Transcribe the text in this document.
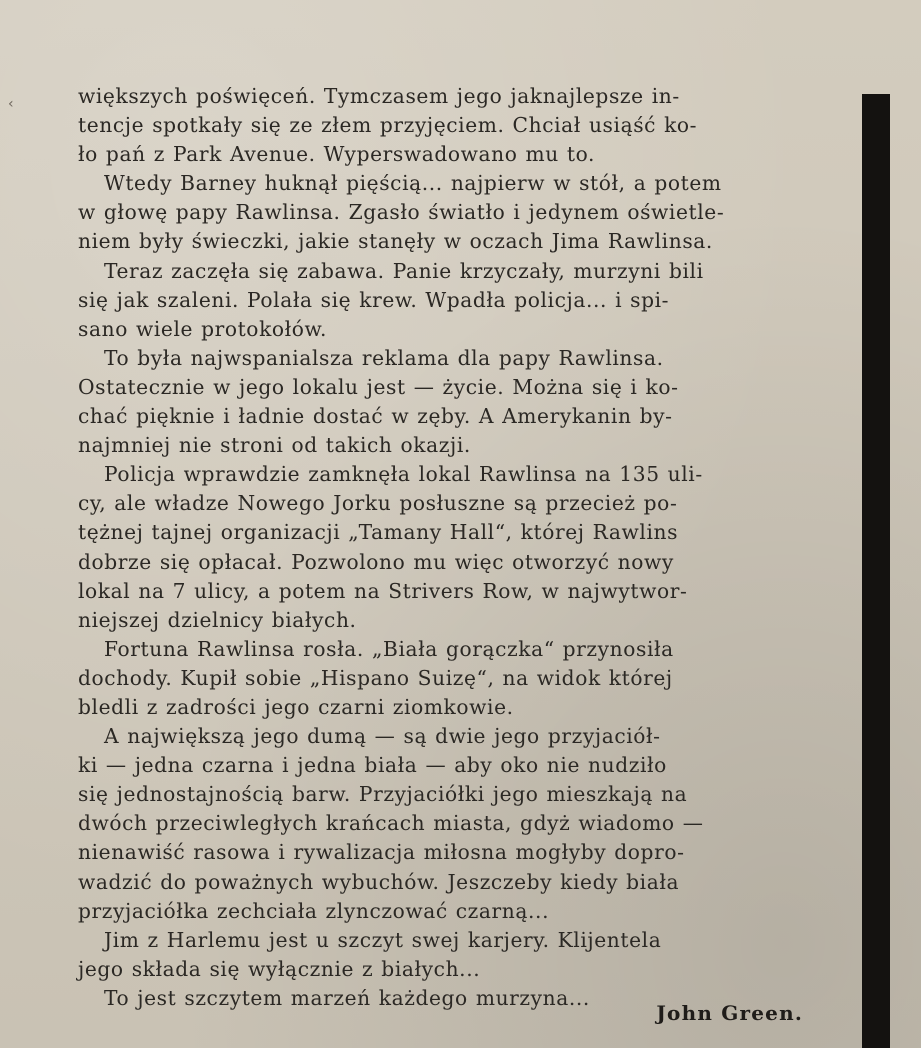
‹	większych poświęceń. Tymczasem jego jaknajlepsze in-

tencje spotkały się ze złem przyjęciem. Chciał usiąść ko-

ło pań z Park Avenue. Wyperswadowano mu to.

Wtedy Barney huknął pięścią... najpierw w stół, a potem

w głowę papy Rawlinsa. Zgasło światło i jedynem oświetle-

niem były świeczki, jakie stanęły w oczach Jima Rawlinsa.

Teraz zaczęła się zabawa. Panie krzyczały, murzyni bili

się jak szaleni. Polała się krew. Wpadła policja... i spi-

sano wiele protokołów.

To była najwspanialsza reklama dla papy Rawlinsa.

Ostatecznie w jego lokalu jest — życie. Można się i ko-

chać pięknie i ładnie dostać w zęby. A Amerykanin by-

najmniej nie stroni od takich okazji.

Policja wprawdzie zamknęła lokal Rawlinsa na 135 uli-

cy, ale władze Nowego Jorku posłuszne są przecież po-

tężnej tajnej organizacji „Tamany Hall“, której Rawlins

dobrze się opłacał. Pozwolono mu więc otworzyć nowy

lokal na 7 ulicy, a potem na Strivers Row, w najwytwor-

niejszej dzielnicy białych.

Fortuna Rawlinsa rosła. „Biała gorączka“ przynosiła

dochody. Kupił sobie „Hispano Suizę“, na widok której

bledli z zadrości jego czarni ziomkowie.

A największą jego dumą — są dwie jego przyjaciół-

ki — jedna czarna i jedna biała — aby oko nie nudziło

się jednostajnością barw. Przyjaciółki jego mieszkają na

dwóch przeciwległych krańcach miasta, gdyż wiadomo —

nienawiść rasowa i rywalizacja miłosna mogłyby dopro-

wadzić do poważnych wybuchów. Jeszczeby kiedy biała

przyjaciółka zechciała zlynczować czarną...

Jim z Harlemu jest u szczyt swej karjery. Klijentela

jego składa się wyłącznie z białych...

To jest szczytem marzeń każdego murzyna...

John Green.
